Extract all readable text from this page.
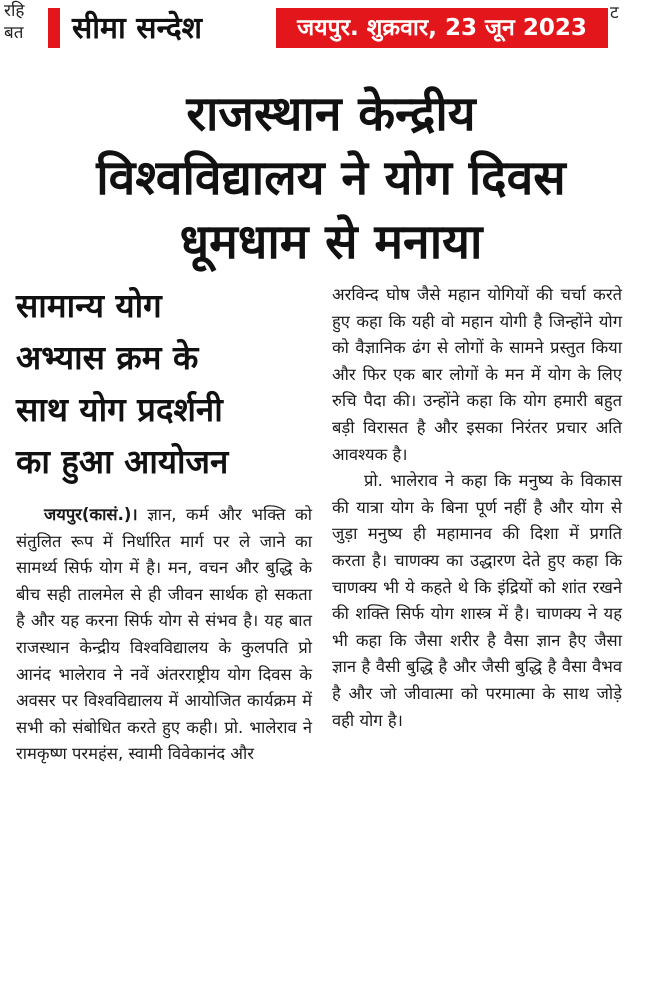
रहि
बत
ट
सीमा सन्देश	जयपुर. शुक्रवार, 23 जून 2023
राजस्थान केन्द्रीय
विश्वविद्यालय ने योग दिवस
धूमधाम से मनाया
सामान्य योग
अभ्यास क्रम के
साथ योग प्रदर्शनी
का हुआ आयोजन

जयपुर(कासं.)। ज्ञान, कर्म और भक्ति को संतुलित रूप में निर्धारित मार्ग पर ले जाने का सामर्थ्य सिर्फ योग में है। मन, वचन और बुद्धि के बीच सही तालमेल से ही जीवन सार्थक हो सकता है और यह करना सिर्फ योग से संभव है। यह बात राजस्थान केन्द्रीय विश्वविद्यालय के कुलपति प्रो आनंद भालेराव ने नवें अंतरराष्ट्रीय योग दिवस के अवसर पर विश्वविद्यालय में आयोजित कार्यक्रम में सभी को संबोधित करते हुए कही। प्रो. भालेराव ने रामकृष्ण परमहंस, स्वामी विवेकानंद और

अरविन्द घोष जैसे महान योगियों की चर्चा करते हुए कहा कि यही वो महान योगी है जिन्होंने योग को वैज्ञानिक ढंग से लोगों के सामने प्रस्तुत किया और फिर एक बार लोगों के मन में योग के लिए रुचि पैदा की। उन्होंने कहा कि योग हमारी बहुत बड़ी विरासत है और इसका निरंतर प्रचार अति आवश्यक है।

प्रो. भालेराव ने कहा कि मनुष्य के विकास की यात्रा योग के बिना पूर्ण नहीं है और योग से जुड़ा मनुष्य ही महामानव की दिशा में प्रगति करता है। चाणक्य का उद्धारण देते हुए कहा कि चाणक्य भी ये कहते थे कि इंद्रियों को शांत रखने की शक्ति सिर्फ योग शास्त्र में है। चाणक्य ने यह भी कहा कि जैसा शरीर है वैसा ज्ञान हैए जैसा ज्ञान है वैसी बुद्धि है और जैसी बुद्धि है वैसा वैभव है और जो जीवात्मा को परमात्मा के साथ जोड़े वही योग है।
